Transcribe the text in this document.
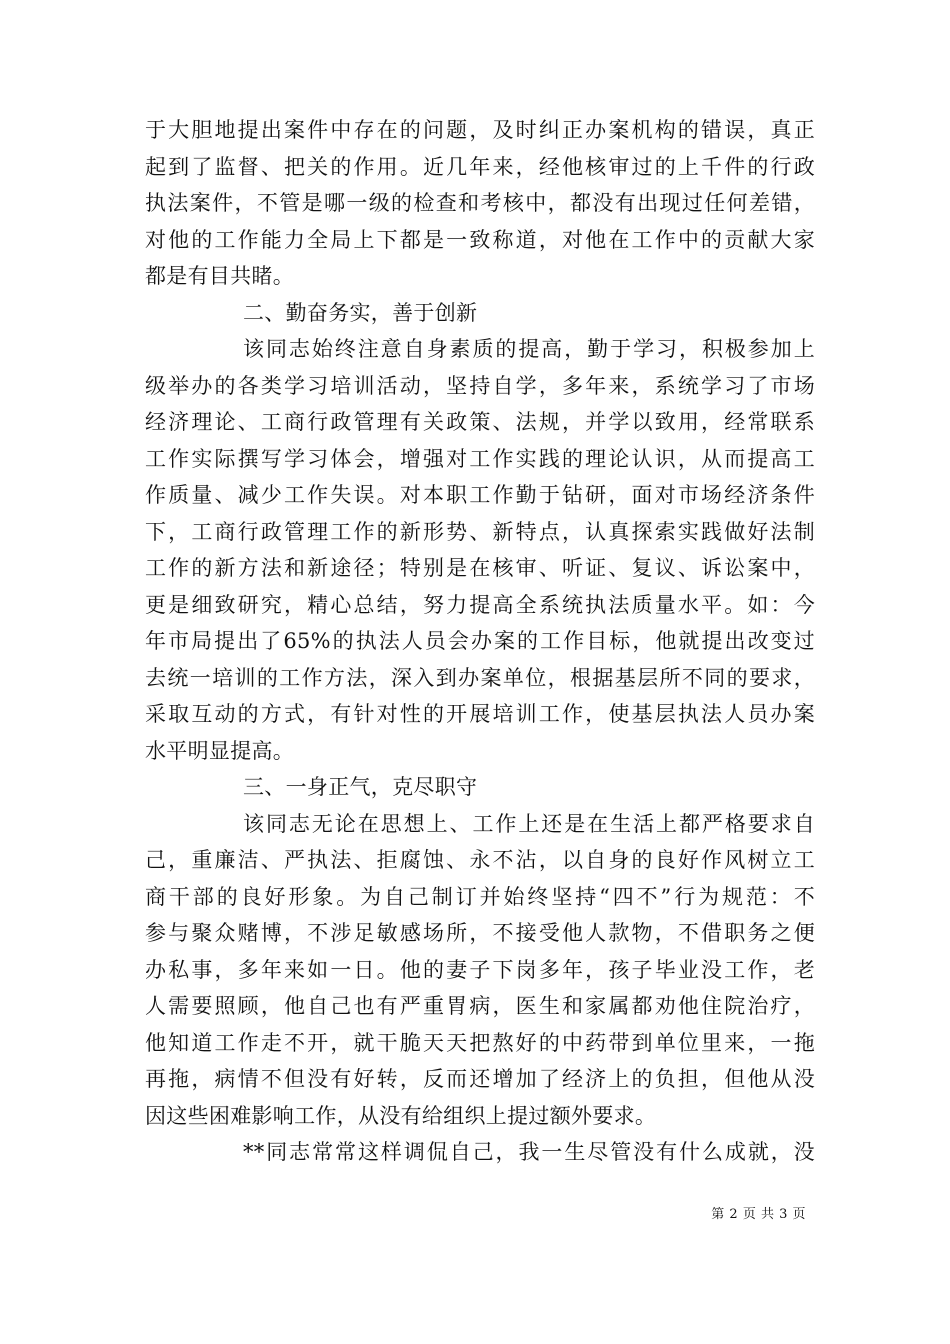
于大胆地提出案件中存在的问题，及时纠正办案机构的错误，真正
起到了监督、把关的作用。近几年来，经他核审过的上千件的行政
执法案件，不管是哪一级的检查和考核中，都没有出现过任何差错，
对他的工作能力全局上下都是一致称道，对他在工作中的贡献大家
都是有目共睹。
二、勤奋务实，善于创新
该同志始终注意自身素质的提高，勤于学习，积极参加上
级举办的各类学习培训活动，坚持自学，多年来，系统学习了市场
经济理论、工商行政管理有关政策、法规，并学以致用，经常联系
工作实际撰写学习体会，增强对工作实践的理论认识，从而提高工
作质量、减少工作失误。对本职工作勤于钻研，面对市场经济条件
下，工商行政管理工作的新形势、新特点，认真探索实践做好法制
工作的新方法和新途径；特别是在核审、听证、复议、诉讼案中，
更是细致研究，精心总结，努力提高全系统执法质量水平。如：今
年市局提出了65%的执法人员会办案的工作目标，他就提出改变过
去统一培训的工作方法，深入到办案单位，根据基层所不同的要求，
采取互动的方式，有针对性的开展培训工作，使基层执法人员办案
水平明显提高。
三、一身正气，克尽职守
该同志无论在思想上、工作上还是在生活上都严格要求自
己，重廉洁、严执法、拒腐蚀、永不沾，以自身的良好作风树立工
商干部的良好形象。为自己制订并始终坚持“四不”行为规范：不
参与聚众赌博，不涉足敏感场所，不接受他人款物，不借职务之便
办私事，多年来如一日。他的妻子下岗多年，孩子毕业没工作，老
人需要照顾，他自己也有严重胃病，医生和家属都劝他住院治疗，
他知道工作走不开，就干脆天天把熬好的中药带到单位里来，一拖
再拖，病情不但没有好转，反而还增加了经济上的负担，但他从没
因这些困难影响工作，从没有给组织上提过额外要求。
**同志常常这样调侃自己，我一生尽管没有什么成就，没
第 2 页 共 3 页
